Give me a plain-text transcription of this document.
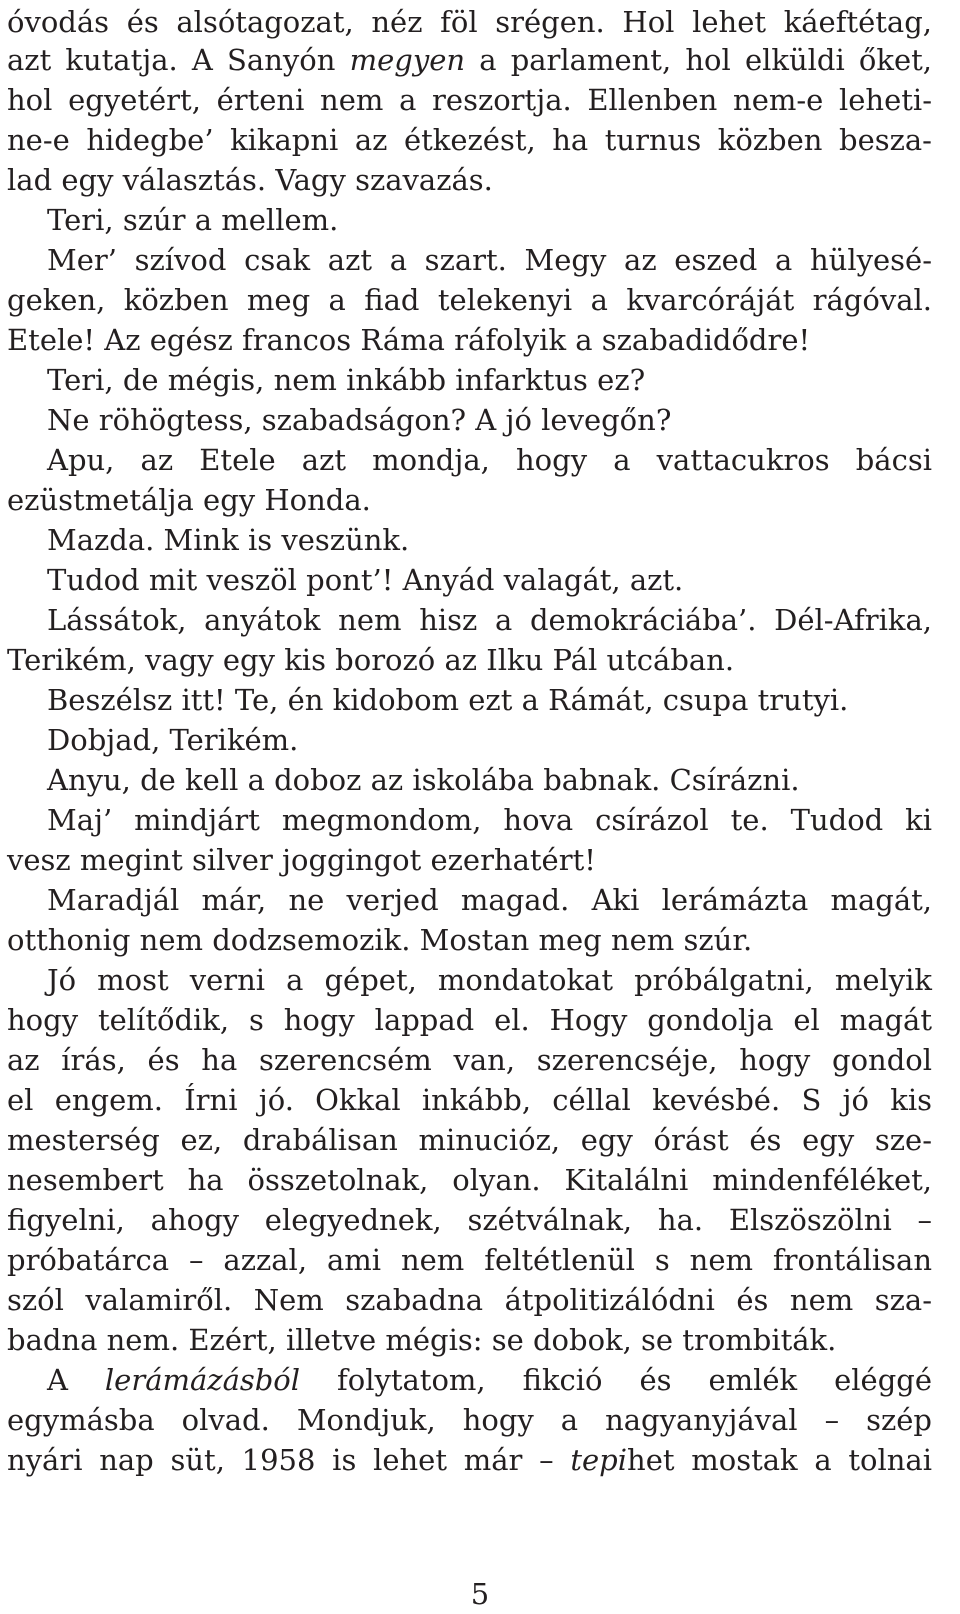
óvodás és alsótagozat, néz föl srégen. Hol lehet káeftétag,
azt kutatja. A Sanyón megyen a parlament, hol elküldi őket,
hol egyetért, érteni nem a reszortja. Ellenben nem-e leheti-
ne-e hidegbe’ kikapni az étkezést, ha turnus közben besza-
lad egy választás. Vagy szavazás.
Teri, szúr a mellem.
Mer’ szívod csak azt a szart. Megy az eszed a hülyesé-
geken, közben meg a fiad telekenyi a kvarcóráját rágóval.
Etele! Az egész francos Ráma ráfolyik a szabadidődre!
Teri, de mégis, nem inkább infarktus ez?
Ne röhögtess, szabadságon? A jó levegőn?
Apu, az Etele azt mondja, hogy a vattacukros bácsi
ezüstmetálja egy Honda.
Mazda. Mink is veszünk.
Tudod mit veszöl pont’! Anyád valagát, azt.
Lássátok, anyátok nem hisz a demokráciába’. Dél-Afrika,
Terikém, vagy egy kis borozó az Ilku Pál utcában.
Beszélsz itt! Te, én kidobom ezt a Rámát, csupa trutyi.
Dobjad, Terikém.
Anyu, de kell a doboz az iskolába babnak. Csírázni.
Maj’ mindjárt megmondom, hova csírázol te. Tudod ki
vesz megint silver joggingot ezerhatért!
Maradjál már, ne verjed magad. Aki lerámázta magát,
otthonig nem dodzsemozik. Mostan meg nem szúr.
Jó most verni a gépet, mondatokat próbálgatni, melyik
hogy telítődik, s hogy lappad el. Hogy gondolja el magát
az írás, és ha szerencsém van, szerencséje, hogy gondol
el engem. Írni jó. Okkal inkább, céllal kevésbé. S jó kis
mesterség ez, drabálisan minucióz, egy órást és egy sze-
nesembert ha összetolnak, olyan. Kitalálni mindenféléket,
figyelni, ahogy elegyednek, szétválnak, ha. Elszöszölni –
próbatárca – azzal, ami nem feltétlenül s nem frontálisan
szól valamiről. Nem szabadna átpolitizálódni és nem sza-
badna nem. Ezért, illetve mégis: se dobok, se trombiták.
A lerámázásból folytatom, fikció és emlék eléggé
egymásba olvad. Mondjuk, hogy a nagyanyjával – szép
nyári nap süt, 1958 is lehet már – tepihet mostak a tolnai
5
